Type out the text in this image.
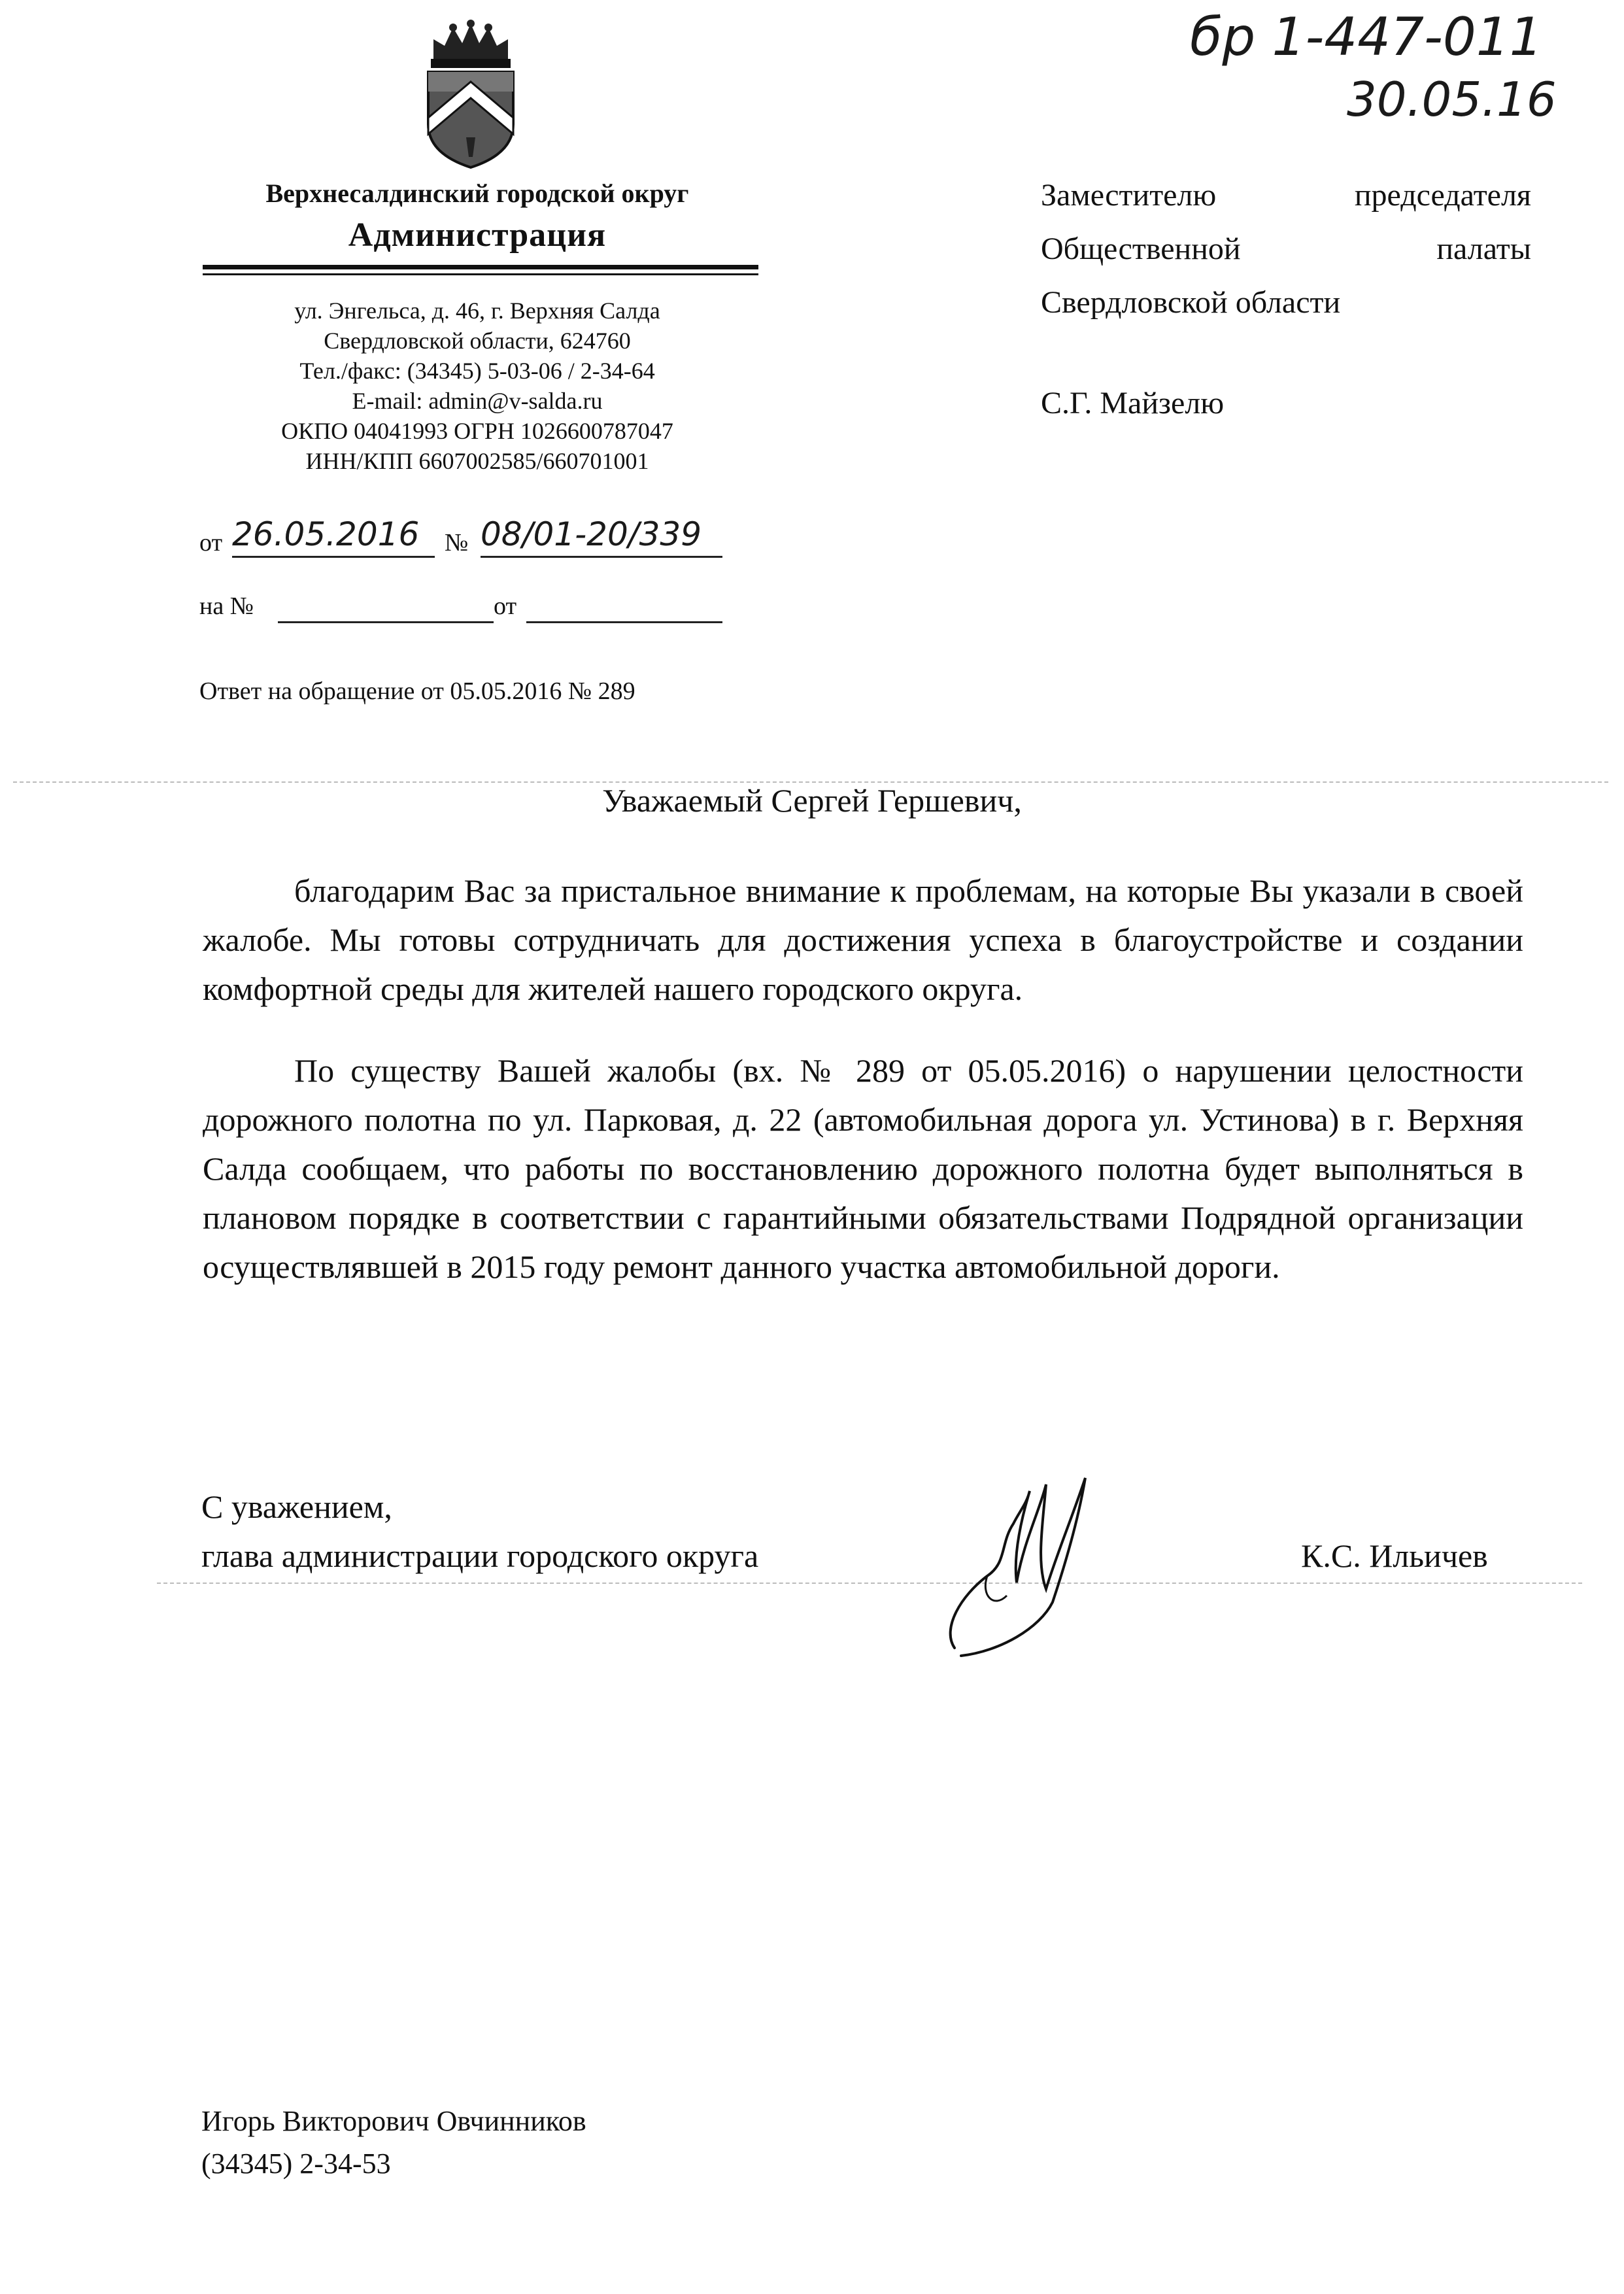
бр 1-447-011
30.05.16
Верхнесалдинский городской округ
Администрация
ул. Энгельса, д. 46, г. Верхняя Салда
Свердловской области, 624760
Тел./факс: (34345) 5-03-06 / 2-34-64
E-mail: admin@v-salda.ru
ОКПО 04041993 ОГРН 1026600787047
ИНН/КПП 6607002585/660701001
от 26.05.2016	№ 08/01-20/339
на №	от
Ответ на обращение от 05.05.2016 № 289
Заместителю	председателя
Общественной	палаты
Свердловской области
С.Г. Майзелю
Уважаемый Сергей Гершевич,
благодарим Вас за пристальное внимание к проблемам, на которые Вы указали в своей жалобе. Мы готовы сотрудничать для достижения успеха в благоустройстве и создании комфортной среды для жителей нашего городского округа.
По существу Вашей жалобы (вх. № 289 от 05.05.2016) о нарушении целостности дорожного полотна по ул. Парковая, д. 22 (автомобильная дорога ул. Устинова) в г. Верхняя Салда сообщаем, что работы по восстановлению дорожного полотна будет выполняться в плановом порядке в соответствии с гарантийными обязательствами Подрядной организации осуществлявшей в 2015 году ремонт данного участка автомобильной дороги.
С уважением,
глава администрации городского округа	К.С. Ильичев
Игорь Викторович Овчинников
(34345) 2-34-53
